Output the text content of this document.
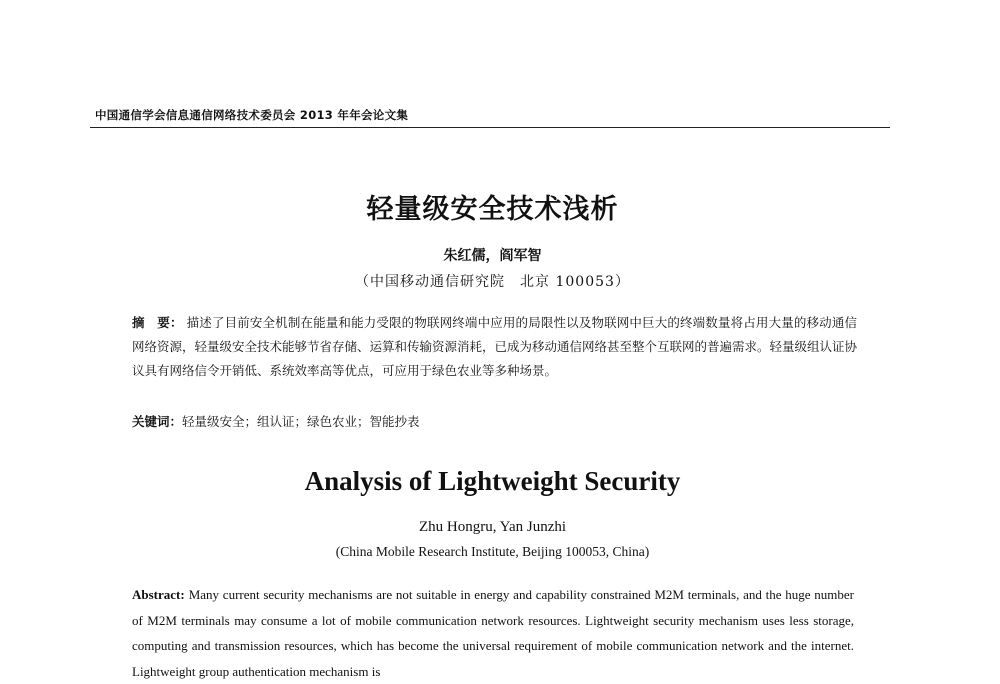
中国通信学会信息通信网络技术委员会 2013 年年会论文集
轻量级安全技术浅析
朱红儒，阎军智
（中国移动通信研究院　北京 100053）
摘　要： 描述了目前安全机制在能量和能力受限的物联网终端中应用的局限性以及物联网中巨大的终端数量将占用大量的移动通信网络资源，轻量级安全技术能够节省存储、运算和传输资源消耗，已成为移动通信网络甚至整个互联网的普遍需求。轻量级组认证协议具有网络信令开销低、系统效率高等优点，可应用于绿色农业等多种场景。
关键词：轻量级安全；组认证；绿色农业；智能抄表
Analysis of Lightweight Security
Zhu Hongru, Yan Junzhi
(China Mobile Research Institute, Beijing 100053, China)
Abstract: Many current security mechanisms are not suitable in energy and capability constrained M2M terminals, and the huge number of M2M terminals may consume a lot of mobile communication network resources. Lightweight security mechanism uses less storage, computing and transmission resources, which has become the universal requirement of mobile communication network and the internet. Lightweight group authentication mechanism is
